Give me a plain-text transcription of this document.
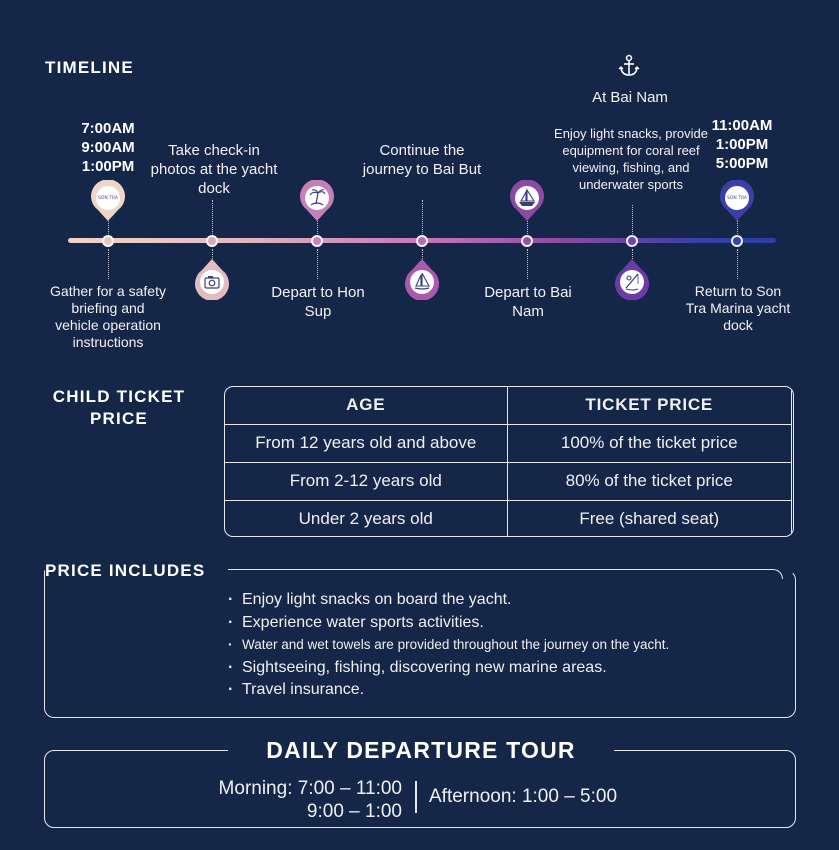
TIMELINE
At Bai Nam
7:00AM
9:00AM
1:00PM
11:00AM
1:00PM
5:00PM
Take check-in photos at the yacht dock
Continue the journey to Bai But
Enjoy light snacks, provide equipment for coral reef viewing, fishing, and underwater sports
SON TRA	SON TRA
Gather for a safety briefing and vehicle operation instructions
Depart to Hon Sup
Depart to Bai Nam
Return to Son Tra Marina yacht dock
CHILD TICKET
PRICE
AGE	TICKET PRICE
From 12 years old and above	100% of the ticket price
From 2-12 years old	80% of the ticket price
Under 2 years old	Free (shared seat)
PRICE INCLUDES
· Enjoy light snacks on board the yacht.
· Experience water sports activities.
· Water and wet towels are provided throughout the journey on the yacht.
· Sightseeing, fishing, discovering new marine areas.
· Travel insurance.
DAILY DEPARTURE TOUR
Morning: 7:00 – 11:00
9:00 – 1:00
Afternoon: 1:00 – 5:00
